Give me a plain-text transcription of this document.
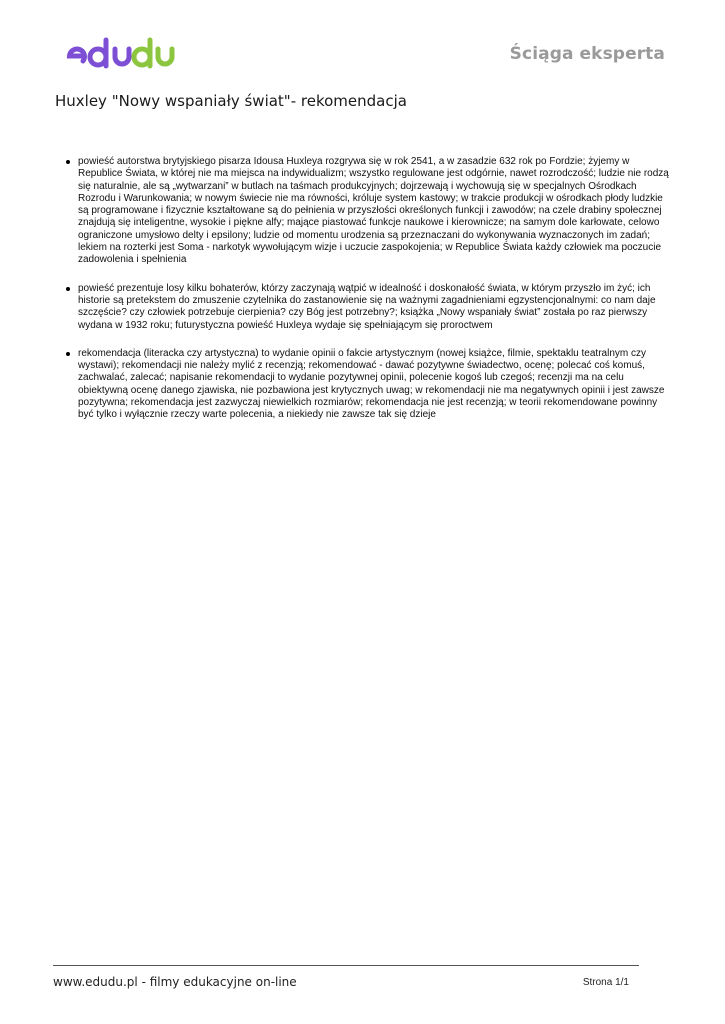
Ściąga eksperta
Huxley "Nowy wspaniały świat"- rekomendacja
powieść autorstwa brytyjskiego pisarza Idousa Huxleya rozgrywa się w rok 2541, a w zasadzie 632 rok po Fordzie; żyjemy w Republice Świata, w której nie ma miejsca na indywidualizm; wszystko regulowane jest odgórnie, nawet rozrodczość; ludzie nie rodzą się naturalnie, ale są „wytwarzani” w butlach na taśmach produkcyjnych; dojrzewają i wychowują się w specjalnych Ośrodkach Rozrodu i Warunkowania; w nowym świecie nie ma równości, króluje system kastowy; w trakcie produkcji w ośrodkach płody ludzkie są programowane i fizycznie kształtowane są do pełnienia w przyszłości określonych funkcji i zawodów; na czele drabiny społecznej znajdują się inteligentne, wysokie i piękne alfy; mające piastować funkcje naukowe i kierownicze; na samym dole karłowate, celowo ograniczone umysłowo delty i epsilony; ludzie od momentu urodzenia są przeznaczani do wykonywania wyznaczonych im zadań; lekiem na rozterki jest Soma - narkotyk wywołującym wizje i uczucie zaspokojenia; w Republice Świata każdy człowiek ma poczucie zadowolenia i spełnienia
powieść prezentuje losy kilku bohaterów, którzy zaczynają wątpić w idealność i doskonałość świata, w którym przyszło im żyć; ich historie są pretekstem do zmuszenie czytelnika do zastanowienie się na ważnymi zagadnieniami egzystencjonalnymi: co nam daje szczęście? czy człowiek potrzebuje cierpienia? czy Bóg jest potrzebny?; książka „Nowy wspaniały świat” została po raz pierwszy wydana w 1932 roku; futurystyczna powieść Huxleya wydaje się spełniającym się proroctwem
rekomendacja (literacka czy artystyczna) to wydanie opinii o fakcie artystycznym (nowej książce, filmie, spektaklu teatralnym czy wystawi); rekomendacji nie należy mylić z recenzją; rekomendować - dawać pozytywne świadectwo, ocenę; polecać coś komuś, zachwalać, zalecać; napisanie rekomendacji to wydanie pozytywnej opinii, polecenie kogoś lub czegoś; recenzji ma na celu obiektywną ocenę danego zjawiska, nie pozbawiona jest krytycznych uwag; w rekomendacji nie ma negatywnych opinii i jest zawsze pozytywna; rekomendacja jest zazwyczaj niewielkich rozmiarów; rekomendacja nie jest recenzją; w teorii rekomendowane powinny być tylko i wyłącznie rzeczy warte polecenia, a niekiedy nie zawsze tak się dzieje
www.edudu.pl - filmy edukacyjne on-line	Strona 1/1
